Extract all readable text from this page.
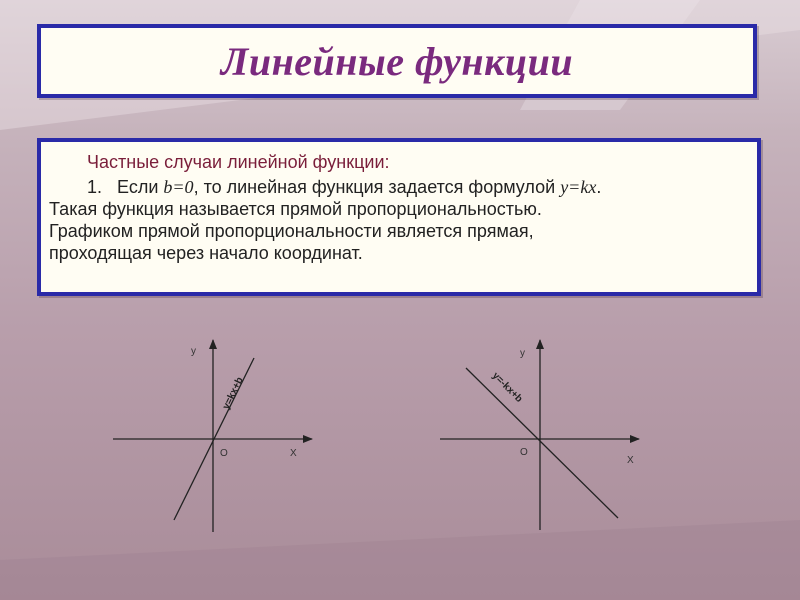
Линейные функции
Частные случаи линейной функции:
1. Если b=0, то линейная функция задается формулой y=kx.
Такая функция называется прямой пропорциональностью.
Графиком прямой пропорциональности является прямая,
проходящая через начало координат.
у
Х
О
y=kx+b
у
Х
О
y=-kx+b
